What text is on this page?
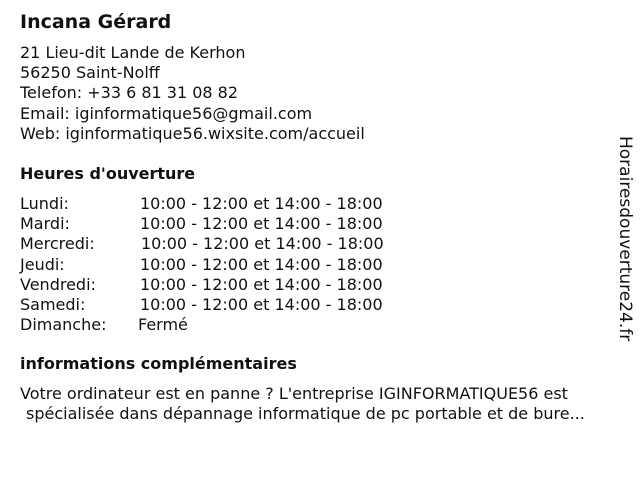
Incana Gérard
21 Lieu-dit Lande de Kerhon
56250 Saint-Nolff
Telefon: +33 6 81 31 08 82
Email: iginformatique56@gmail.com
Web: iginformatique56.wixsite.com/accueil
Heures d'ouverture
Lundi:	10:00 - 12:00 et 14:00 - 18:00
Mardi:	10:00 - 12:00 et 14:00 - 18:00
Mercredi:	10:00 - 12:00 et 14:00 - 18:00
Jeudi:	10:00 - 12:00 et 14:00 - 18:00
Vendredi:	10:00 - 12:00 et 14:00 - 18:00
Samedi:	10:00 - 12:00 et 14:00 - 18:00
Dimanche: Fermé
informations complémentaires
Votre ordinateur est en panne ? L'entreprise IGINFORMATIQUE56 est
spécialisée dans dépannage informatique de pc portable et de bure...
Horairesdouverture24.fr
